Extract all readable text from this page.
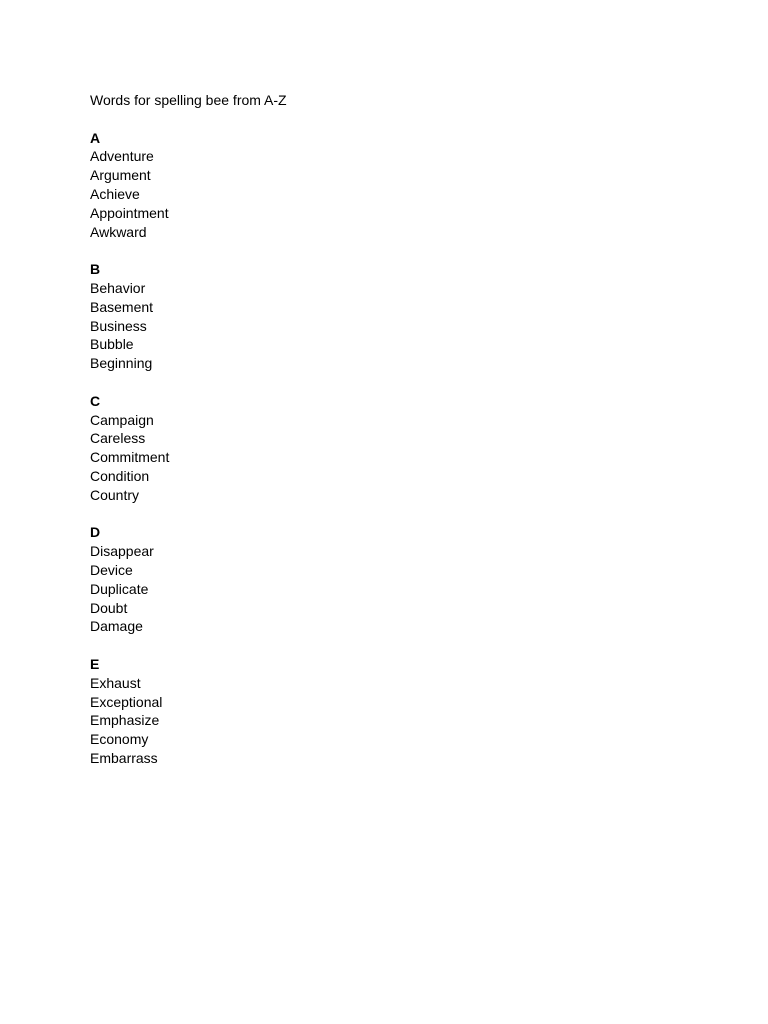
Words for spelling bee from A-Z

A

Adventure
Argument
Achieve
Appointment
Awkward

B

Behavior
Basement
Business
Bubble
Beginning

C

Campaign
Careless
Commitment
Condition
Country

D

Disappear
Device
Duplicate
Doubt
Damage

E

Exhaust
Exceptional
Emphasize
Economy
Embarrass
